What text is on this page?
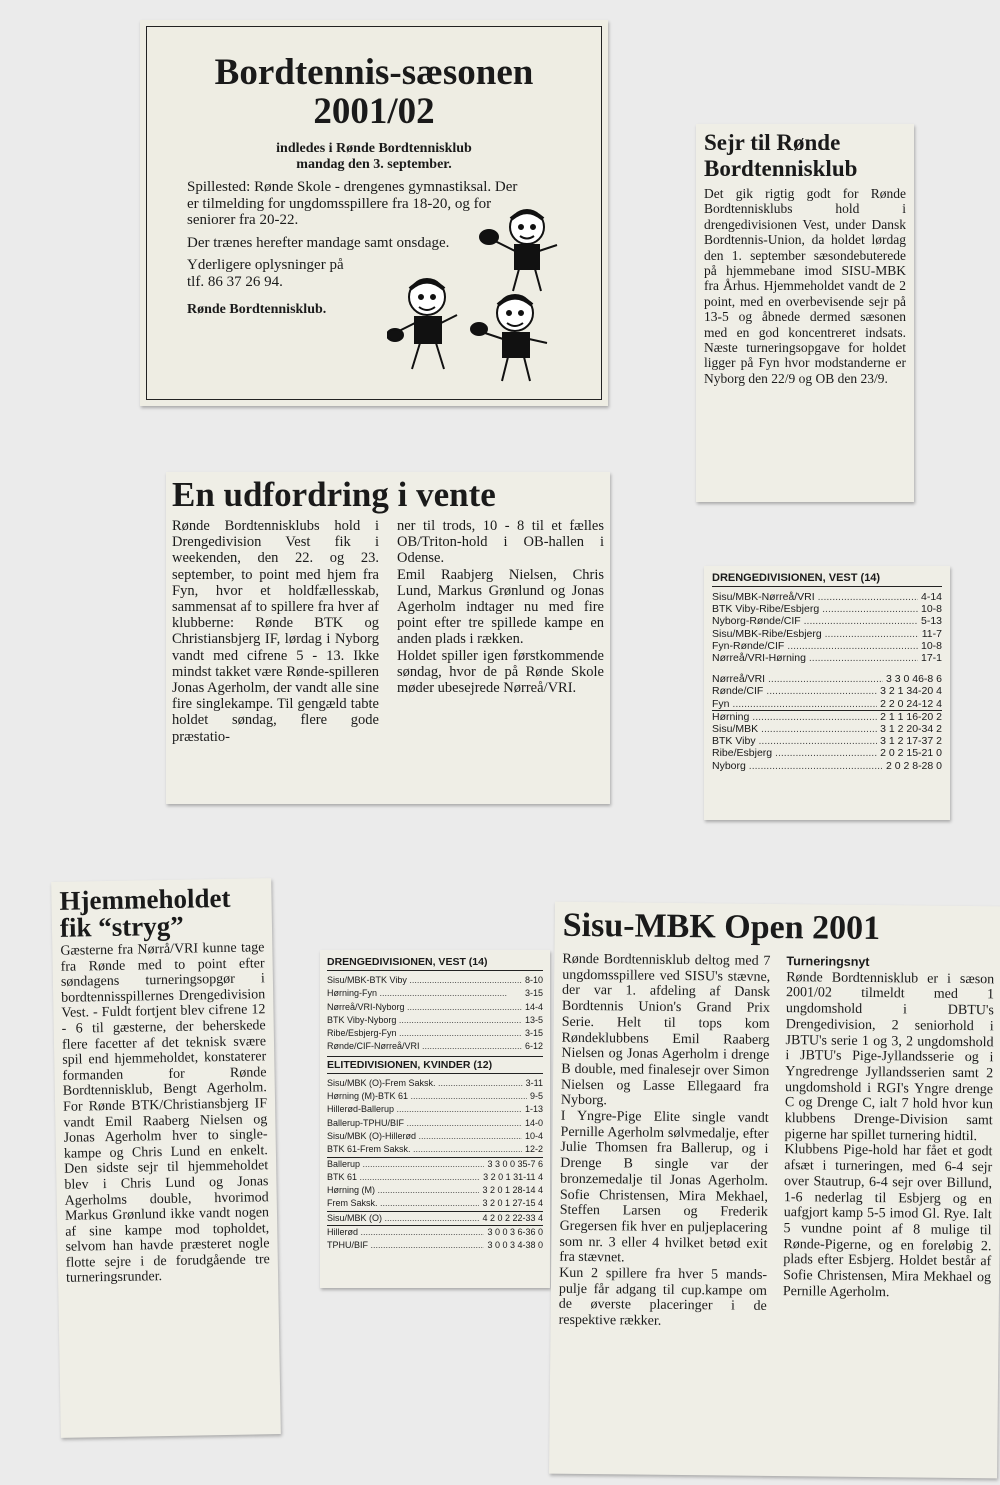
Bordtennis-sæsonen
2001/02
indledes i Rønde Bordtennisklub
mandag den 3. september.

Spillested: Rønde Skole - drengenes gymnastiksal. Der er tilmelding for ungdomsspillere fra 18-20, og for seniorer fra 20-22.

Der trænes herefter mandage samt onsdage.

Yderligere oplysninger på tlf. 86 37 26 94.

Rønde Bordtennisklub.
Sejr til Rønde Bordtennisklub

Det gik rigtig godt for Rønde Bordtennisklubs hold i drengedivisionen Vest, under Dansk Bordtennis-Union, da holdet lørdag den 1. september sæsondebuterede på hjemmebane imod SISU-MBK fra Århus. Hjemmeholdet vandt de 2 point, med en overbevisende sejr på 13-5 og åbnede dermed sæsonen med en god koncentreret indsats. Næste turneringsopgave for holdet ligger på Fyn hvor modstanderne er Nyborg den 22/9 og OB den 23/9.

En udfordring i vente

Rønde Bordtennisklubs hold i Drengedivision Vest fik i weekenden, den 22. og 23. september, to point med hjem fra Fyn, hvor et holdfællesskab, sammensat af to spillere fra hver af klubberne: Rønde BTK og Christiansbjerg IF, lørdag i Nyborg vandt med cifrene 5 - 13. Ikke mindst takket være Rønde-spilleren Jonas Agerholm, der vandt alle sine fire singlekampe. Til gengæld tabte holdet søndag, flere gode præstatio-

ner til trods, 10 - 8 til et fælles OB/Triton-hold i OB-hallen i Odense.

Emil Raabjerg Nielsen, Chris Lund, Markus Grønlund og Jonas Agerholm indtager nu med fire point efter tre spillede kampe en anden plads i rækken.

Holdet spiller igen førstkommende søndag, hvor de på Rønde Skole møder ubesejrede Nørreå/VRI.

DRENGEDIVISIONEN, VEST (14)
Sisu/MBK-Nørreå/VRI .....	4-14
BTK Viby-Ribe/Esbjerg .....	10-8
Nyborg-Rønde/CIF .....	5-13
Sisu/MBK-Ribe/Esbjerg .....	11-7
Fyn-Rønde/CIF .....	10-8
Nørreå/VRI-Hørning .....	17-1
Nørreå/VRI .....	3 3 0 46-8 6
Rønde/CIF .....	3 2 1 34-20 4
Fyn .....	2 2 0 24-12 4
Hørning .....	2 1 1 16-20 2
Sisu/MBK .....	3 1 2 20-34 2
BTK Viby .....	3 1 2 17-37 2
Ribe/Esbjerg .....	2 0 2 15-21 0
Nyborg .....	2 0 2 8-28 0
Hjemmeholdet fik “stryg”

Gæsterne fra Nørrå/VRI kunne tage fra Rønde med to point efter søndagens turneringsopgør i bordtennisspillernes Drengedivision Vest. - Fuldt fortjent blev cifrene 12 - 6 til gæsterne, der beherskede flere facetter af det teknisk svære spil end hjemmeholdet, konstaterer formanden for Rønde Bordtennisklub, Bengt Agerholm. For Rønde BTK/Christiansbjerg IF vandt Emil Raaberg Nielsen og Jonas Agerholm hver to single-kampe og Chris Lund en enkelt. Den sidste sejr til hjemmeholdet blev i Chris Lund og Jonas Agerholms double, hvorimod Markus Grønlund ikke vandt nogen af sine kampe mod topholdet, selvom han havde præsteret nogle flotte sejre i de forudgående tre turneringsrunder.

DRENGEDIVISIONEN, VEST (14)
Sisu/MBK-BTK Viby .....	8-10
Hørning-Fyn .....	3-15
Nørreå/VRI-Nyborg .....	14-4
BTK Viby-Nyborg .....	13-5
Ribe/Esbjerg-Fyn .....	3-15
Rønde/CIF-Nørreå/VRI .....	6-12
ELITEDIVISIONEN, KVINDER (12)
Sisu/MBK (O)-Frem Saksk. .....	3-11
Hørning (M)-BTK 61 .....	9-5
Hillerød-Ballerup .....	1-13
Ballerup-TPHU/BIF .....	14-0
Sisu/MBK (O)-Hillerød .....	10-4
BTK 61-Frem Saksk. .....	12-2
Ballerup .....	3 3 0 0 35-7 6
BTK 61 .....	3 2 0 1 31-11 4
Hørning (M) .....	3 2 0 1 28-14 4
Frem Saksk. .....	3 2 0 1 27-15 4
Sisu/MBK (O) .....	4 2 0 2 22-33 4
Hillerød .....	3 0 0 3 6-36 0
TPHU/BIF .....	3 0 0 3 4-38 0
Sisu-MBK Open 2001

Rønde Bordtennisklub deltog med 7 ungdomsspillere ved SISU's stævne, der var 1. afdeling af Dansk Bordtennis Union's Grand Prix Serie. Helt til tops kom Røndeklubbens Emil Raaberg Nielsen og Jonas Agerholm i drenge B double, med finalesejr over Simon Nielsen og Lasse Ellegaard fra Nyborg.

I Yngre-Pige Elite single vandt Pernille Agerholm sølvmedalje, efter Julie Thomsen fra Ballerup, og i Drenge B single var der bronzemedalje til Jonas Agerholm. Sofie Christensen, Mira Mekhael, Steffen Larsen og Frederik Gregersen fik hver en puljeplacering som nr. 3 eller 4 hvilket betød exit fra stævnet.

Kun 2 spillere fra hver 5 mands-pulje får adgang til cup.kampe om de øverste placeringer i de respektive rækker.

Turneringsnyt

Rønde Bordtennisklub er i sæson 2001/02 tilmeldt med 1 ungdomshold i DBTU's Drengedivision, 2 seniorhold i JBTU's serie 1 og 3, 2 ungdomshold i JBTU's Pige-Jyllandsserie og i Yngredrenge Jyllandsserien samt 2 ungdomshold i RGI's Yngre drenge C og Drenge C, ialt 7 hold hvor kun klubbens Drenge-Division samt pigerne har spillet turnering hidtil.

Klubbens Pige-hold har fået et godt afsæt i turneringen, med 6-4 sejr over Stautrup, 6-4 sejr over Billund, 1-6 nederlag til Esbjerg og en uafgjort kamp 5-5 imod Gl. Rye. Ialt 5 vundne point af 8 mulige til Rønde-Pigerne, og en foreløbig 2. plads efter Esbjerg. Holdet består af Sofie Christensen, Mira Mekhael og Pernille Agerholm.
